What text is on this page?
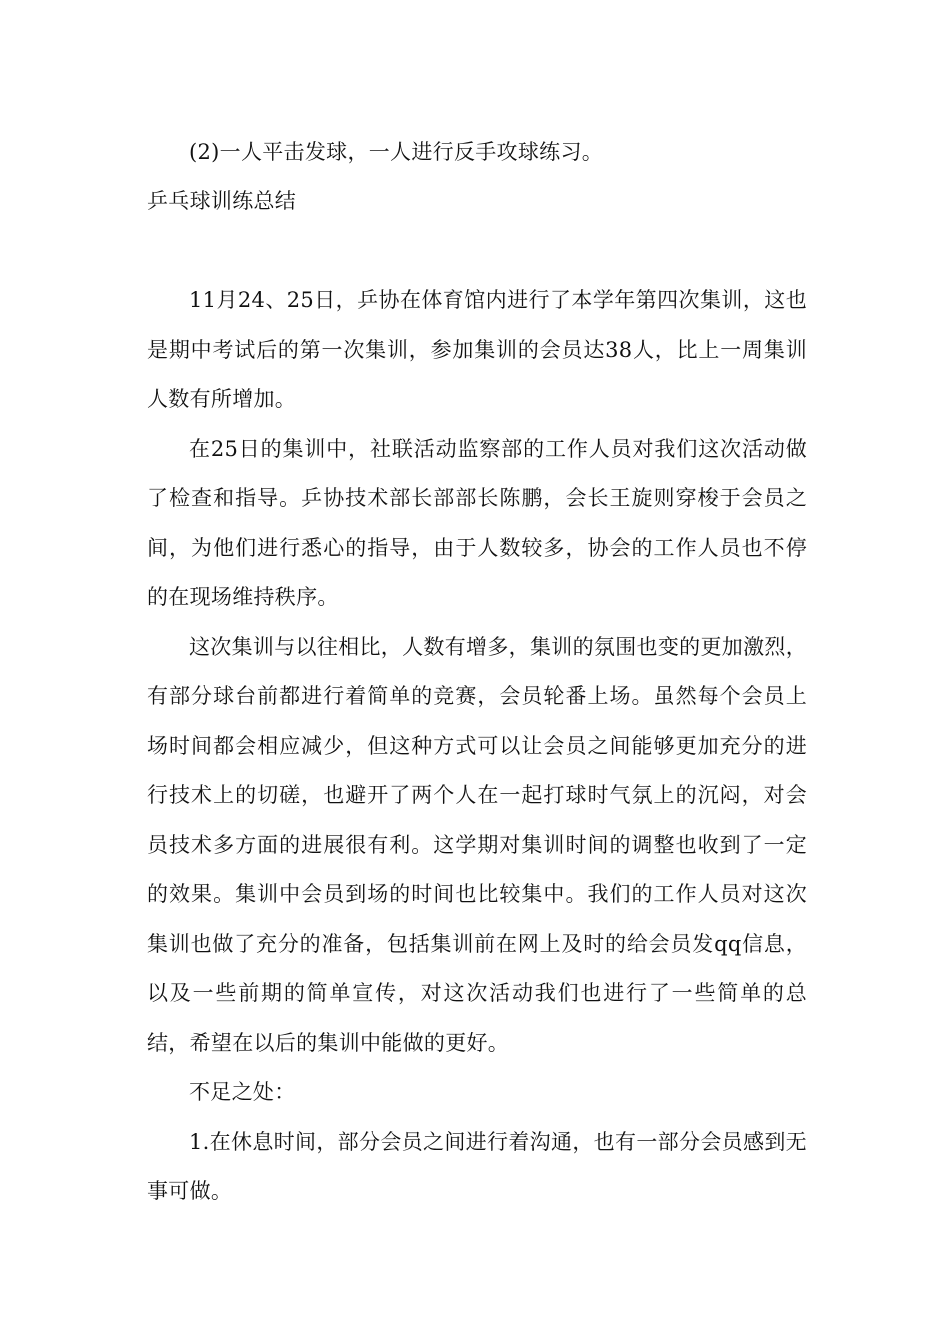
(2)一人平击发球，一人进行反手攻球练习。

乒乓球训练总结

11月24、25日，乒协在体育馆内进行了本学年第四次集训，这也是期中考试后的第一次集训，参加集训的会员达38人，比上一周集训人数有所增加。

在25日的集训中，社联活动监察部的工作人员对我们这次活动做了检查和指导。乒协技术部长部部长陈鹏，会长王旋则穿梭于会员之间，为他们进行悉心的指导，由于人数较多，协会的工作人员也不停的在现场维持秩序。

这次集训与以往相比，人数有增多，集训的氛围也变的更加激烈，有部分球台前都进行着简单的竞赛，会员轮番上场。虽然每个会员上场时间都会相应减少，但这种方式可以让会员之间能够更加充分的进行技术上的切磋，也避开了两个人在一起打球时气氛上的沉闷，对会员技术多方面的进展很有利。这学期对集训时间的调整也收到了一定的效果。集训中会员到场的时间也比较集中。我们的工作人员对这次集训也做了充分的准备，包括集训前在网上及时的给会员发qq信息，以及一些前期的简单宣传，对这次活动我们也进行了一些简单的总结，希望在以后的集训中能做的更好。

不足之处：

1.在休息时间，部分会员之间进行着沟通，也有一部分会员感到无事可做。
